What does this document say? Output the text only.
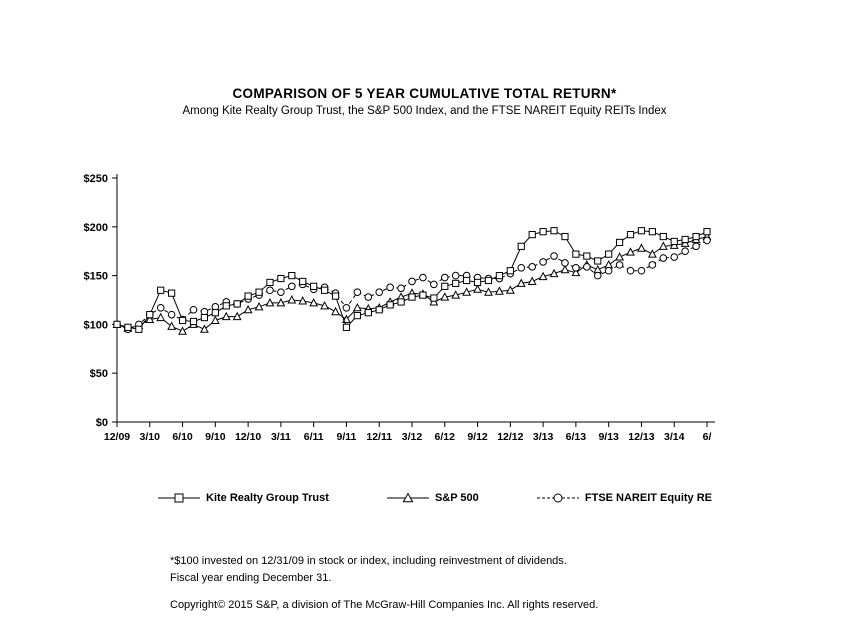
COMPARISON OF 5 YEAR CUMULATIVE TOTAL RETURN*
Among Kite Realty Group Trust, the S&P 500 Index, and the FTSE NAREIT Equity REITs Index
$0
$50
$100
$150
$200
$250
12/09 3/10 6/10 9/10 12/10 3/11 6/11 9/11 12/11 3/12 6/12 9/12 12/12 3/13 6/13 9/13 12/13 3/14 6/
Kite Realty Group Trust	S&P 500	FTSE NAREIT Equity RE
*$100 invested on 12/31/09 in stock or index, including reinvestment of dividends.
Fiscal year ending December 31.
Copyright© 2015 S&P, a division of The McGraw-Hill Companies Inc. All rights reserved.
